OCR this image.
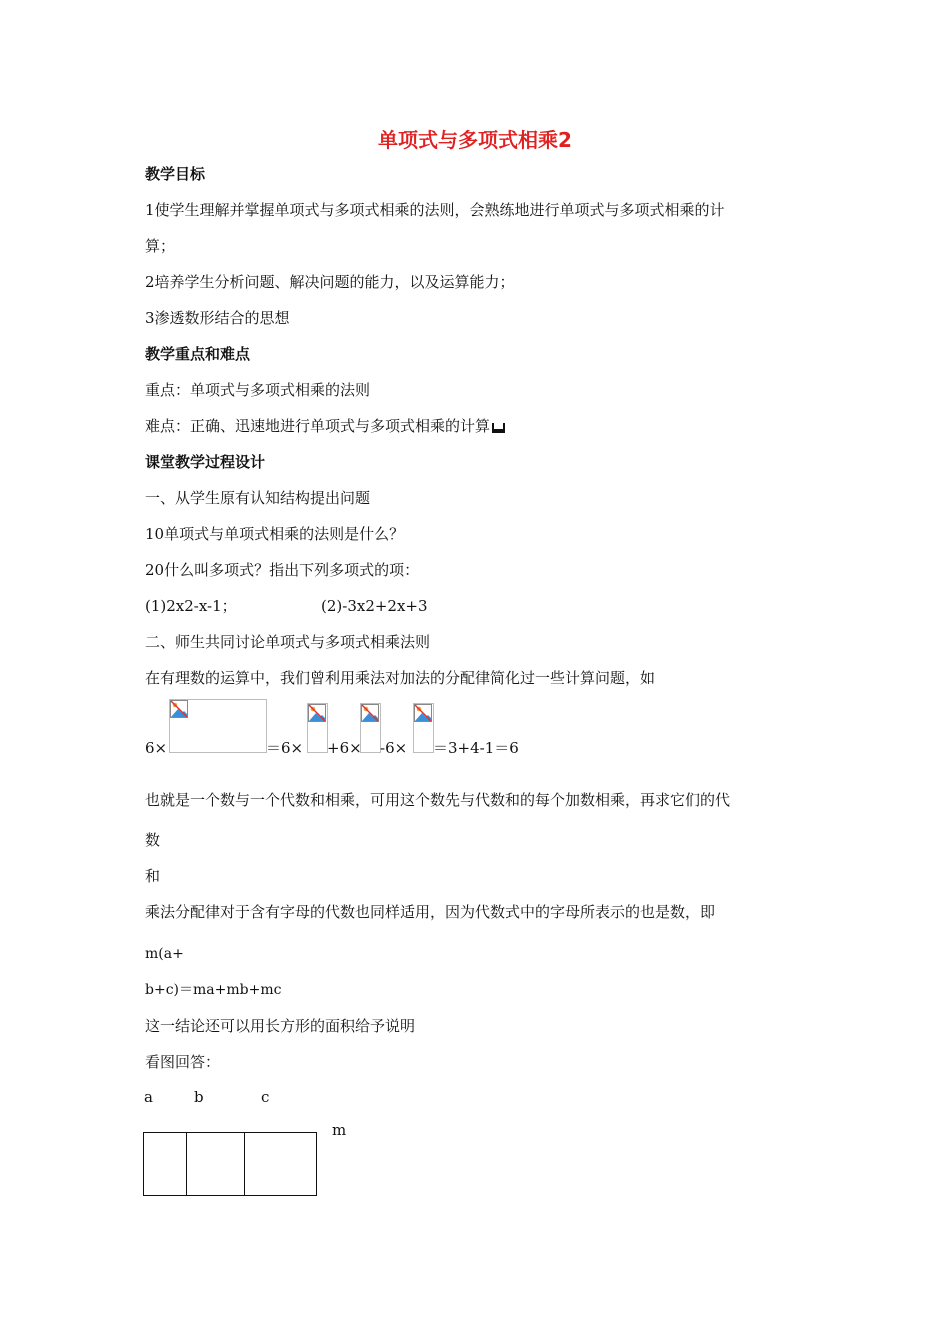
单项式与多项式相乘2
教学目标
1使学生理解并掌握单项式与多项式相乘的法则，会熟练地进行单项式与多项式相乘的计
算；
2培养学生分析问题、解决问题的能力，以及运算能力；
3渗透数形结合的思想
教学重点和难点
重点：单项式与多项式相乘的法则
难点：正确、迅速地进行单项式与多项式相乘的计算
课堂教学过程设计
一、从学生原有认知结构提出问题
10单项式与单项式相乘的法则是什么？
20什么叫多项式？指出下列多项式的项：
(1)2x2-x-1；	(2)-3x2+2x+3
二、师生共同讨论单项式与多项式相乘法则
在有理数的运算中，我们曾利用乘法对加法的分配律简化过一些计算问题，如
6×	＝6× +6× -6× ＝3+4-1＝6
也就是一个数与一个代数和相乘，可用这个数先与代数和的每个加数相乘，再求它们的代
数
和
乘法分配律对于含有字母的代数也同样适用，因为代数式中的字母所表示的也是数，即
m(a+
b+c)＝ma+mb+mc
这一结论还可以用长方形的面积给予说明
看图回答：
a	b	c
m
